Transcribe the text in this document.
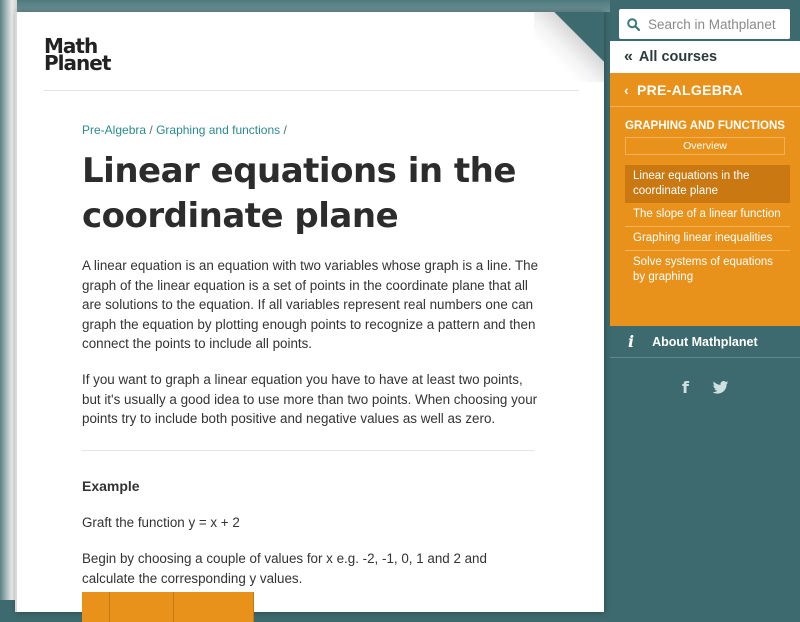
Math
Planet
Pre-Algebra / Graphing and functions /
Linear equations in the coordinate plane

A linear equation is an equation with two variables whose graph is a line. The graph of the linear equation is a set of points in the coordinate plane that all are solutions to the equation. If all variables represent real numbers one can graph the equation by plotting enough points to recognize a pattern and then connect the points to include all points.

If you want to graph a linear equation you have to have at least two points, but it's usually a good idea to use more than two points. When choosing your points try to include both positive and negative values as well as zero.

Example

Graft the function y = x + 2

Begin by choosing a couple of values for x e.g. -2, -1, 0, 1 and 2 and calculate the corresponding y values.

Search in Mathplanet
« All courses
‹ PRE-ALGEBRA
GRAPHING AND FUNCTIONS
Overview
Linear equations in the coordinate plane
The slope of a linear function
Graphing linear inequalities
Solve systems of equations by graphing
i About Mathplanet
f
